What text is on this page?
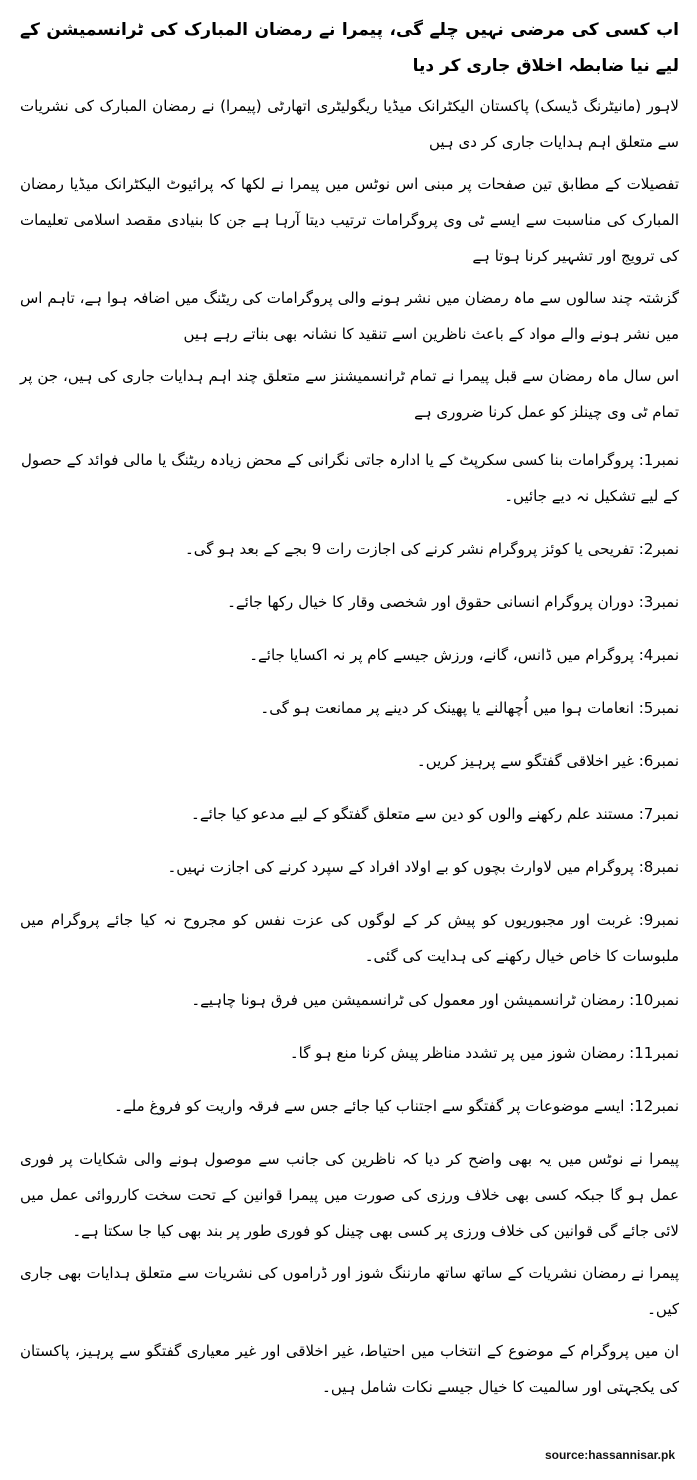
اب کسی کی مرضی نہیں چلے گی، پیمرا نے رمضان المبارک کی ٹرانسمیشن کے لیے نیا ضابطہ اخلاق جاری کر دیا

لاہور (مانیٹرنگ ڈیسک) پاکستان الیکٹرانک میڈیا ریگولیٹری اتھارٹی (پیمرا) نے رمضان المبارک کی نشریات سے متعلق اہم ہدایات جاری کر دی ہیں

تفصیلات کے مطابق تین صفحات پر مبنی اس نوٹس میں پیمرا نے لکھا کہ پرائیوٹ الیکٹرانک میڈیا رمضان المبارک کی مناسبت سے ایسے ٹی وی پروگرامات ترتیب دیتا آرہا ہے جن کا بنیادی مقصد اسلامی تعلیمات کی ترویج اور تشہیر کرنا ہوتا ہے

گزشتہ چند سالوں سے ماہ رمضان میں نشر ہونے والی پروگرامات کی ریٹنگ میں اضافہ ہوا ہے، تاہم اس میں نشر ہونے والے مواد کے باعث ناظرین اسے تنقید کا نشانہ بھی بناتے رہے ہیں

اس سال ماہ رمضان سے قبل پیمرا نے تمام ٹرانسمیشنز سے متعلق چند اہم ہدایات جاری کی ہیں، جن پر تمام ٹی وی چینلز کو عمل کرنا ضروری ہے

نمبر1: پروگرامات بنا کسی سکرپٹ کے یا ادارہ جاتی نگرانی کے محض زیادہ ریٹنگ یا مالی فوائد کے حصول کے لیے تشکیل نہ دیے جائیں۔

نمبر2: تفریحی یا کوئز پروگرام نشر کرنے کی اجازت رات 9 بجے کے بعد ہو گی۔

نمبر3: دوران پروگرام انسانی حقوق اور شخصی وقار کا خیال رکھا جائے۔

نمبر4: پروگرام میں ڈانس، گانے، ورزش جیسے کام پر نہ اکسایا جائے۔

نمبر5: انعامات ہوا میں اُچھالنے یا پھینک کر دینے پر ممانعت ہو گی۔

نمبر6: غیر اخلاقی گفتگو سے پرہیز کریں۔

نمبر7: مستند علم رکھنے والوں کو دین سے متعلق گفتگو کے لیے مدعو کیا جائے۔

نمبر8: پروگرام میں لاوارث بچوں کو بے اولاد افراد کے سپرد کرنے کی اجازت نہیں۔

نمبر9: غربت اور مجبوریوں کو پیش کر کے لوگوں کی عزت نفس کو مجروح نہ کیا جائے پروگرام میں ملبوسات کا خاص خیال رکھنے کی ہدایت کی گئی۔

نمبر10: رمضان ٹرانسمیشن اور معمول کی ٹرانسمیشن میں فرق ہونا چاہیے۔

نمبر11: رمضان شوز میں پر تشدد مناظر پیش کرنا منع ہو گا۔

نمبر12: ایسے موضوعات پر گفتگو سے اجتناب کیا جائے جس سے فرقہ واریت کو فروغ ملے۔

پیمرا نے نوٹس میں یہ بھی واضح کر دیا کہ ناظرین کی جانب سے موصول ہونے والی شکایات پر فوری عمل ہو گا جبکہ کسی بھی خلاف ورزی کی صورت میں پیمرا قوانین کے تحت سخت کارروائی عمل میں لائی جائے گی قوانین کی خلاف ورزی پر کسی بھی چینل کو فوری طور پر بند بھی کیا جا سکتا ہے۔

پیمرا نے رمضان نشریات کے ساتھ ساتھ مارننگ شوز اور ڈراموں کی نشریات سے متعلق ہدایات بھی جاری کیں۔

ان میں پروگرام کے موضوع کے انتخاب میں احتیاط، غیر اخلاقی اور غیر معیاری گفتگو سے پرہیز، پاکستان کی یکجہتی اور سالمیت کا خیال جیسے نکات شامل ہیں۔

source:hassannisar.pk
